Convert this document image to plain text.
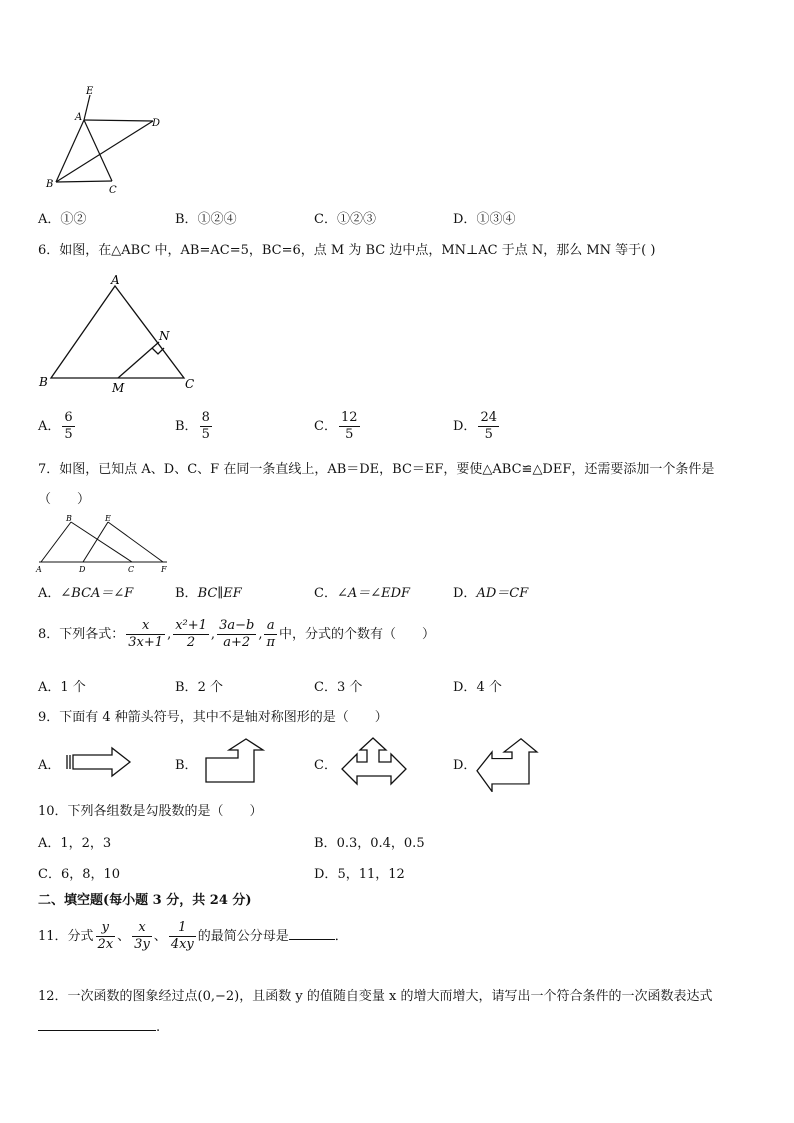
E
A
D
B
C
A．①②	B．①②④	C．①②③	D．①③④
6．如图，在△ABC 中，AB=AC=5，BC=6，点 M 为 BC 边中点，MN⊥AC 于点 N，那么 MN 等于( )
A
N
B	M	C
A． $\frac{6}{5}$	B． $\frac{8}{5}$	C． $\frac{12}{5}$	D． $\frac{24}{5}$
7．如图，已知点 A、D、C、F 在同一条直线上，AB＝DE，BC＝EF，要使△ABC≌△DEF，还需要添加一个条件是
（　　）
B	E
A	D	C	F
A．∠BCA＝∠F	B．BC∥EF	C．∠A＝∠EDF	D．AD＝CF
8．下列各式： $\frac{x}{3x+1}$ , $\frac{\text{x²+1}}{2}$ , $\frac{3a-b}{a+2}$ , $\frac{a}{\pi}$ 中，分式的个数有（　　）
A．1 个	B．2 个	C．3 个	D．4 个
9．下面有 4 种箭头符号，其中不是轴对称图形的是（　　）
A．	B．	C．	D．
10．下列各组数是勾股数的是（　　）
A．1，2，3	B．0.3，0.4，0.5
C．6，8，10	D．5，11，12
二、填空题(每小题 3 分，共 24 分)
11．分式 $\frac{y}{2x}$ 、 $\frac{x}{3y}$ 、 $\frac{1}{4xy}$ 的最简公分母是	．
12．一次函数的图象经过点(0,−2)，且函数 y 的值随自变量 x 的增大而增大，请写出一个符合条件的一次函数表达式
.
